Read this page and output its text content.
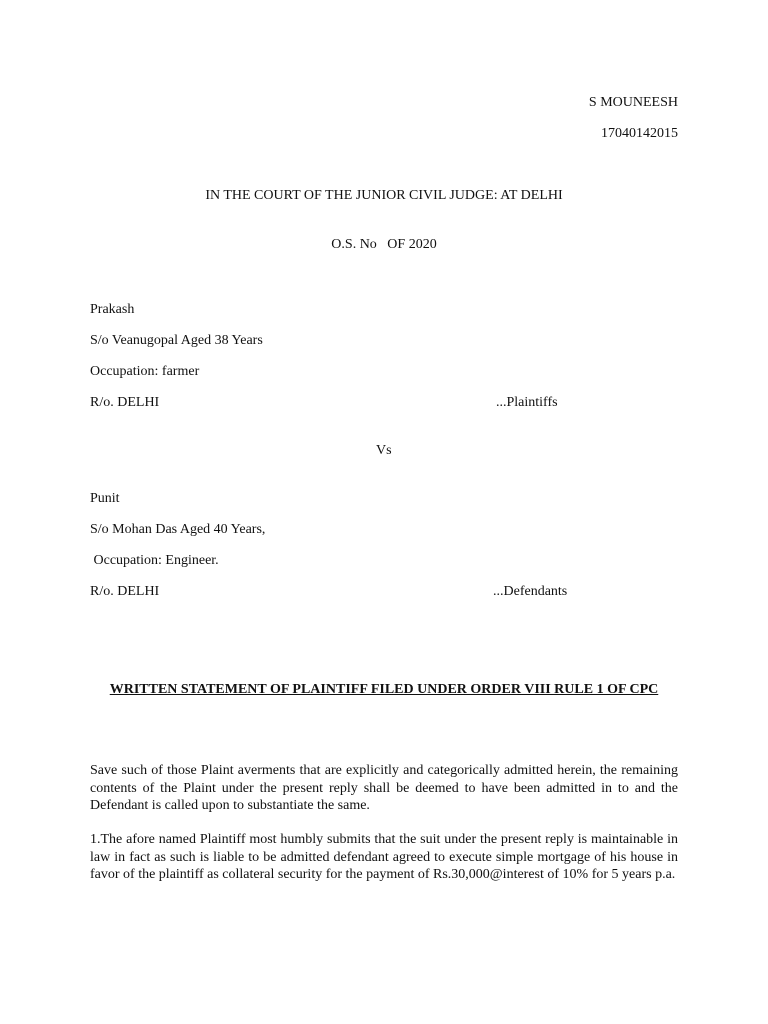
S MOUNEESH
17040142015
IN THE COURT OF THE JUNIOR CIVIL JUDGE: AT DELHI
O.S. No   OF 2020
Prakash
S/o Veanugopal Aged 38 Years
Occupation: farmer
R/o. DELHI	...Plaintiffs
Vs
Punit
S/o Mohan Das Aged 40 Years,
Occupation: Engineer.
R/o. DELHI	...Defendants
WRITTEN STATEMENT OF PLAINTIFF FILED UNDER ORDER VIII RULE 1 OF CPC
Save such of those Plaint averments that are explicitly and categorically admitted herein, the remaining contents of the Plaint under the present reply shall be deemed to have been admitted in to and the Defendant is called upon to substantiate the same.
1.The afore named Plaintiff most humbly submits that the suit under the present reply is maintainable in law in fact as such is liable to be admitted defendant agreed to execute simple mortgage of his house in favor of the plaintiff as collateral security for the payment of Rs.30,000@interest of 10% for 5 years p.a.
